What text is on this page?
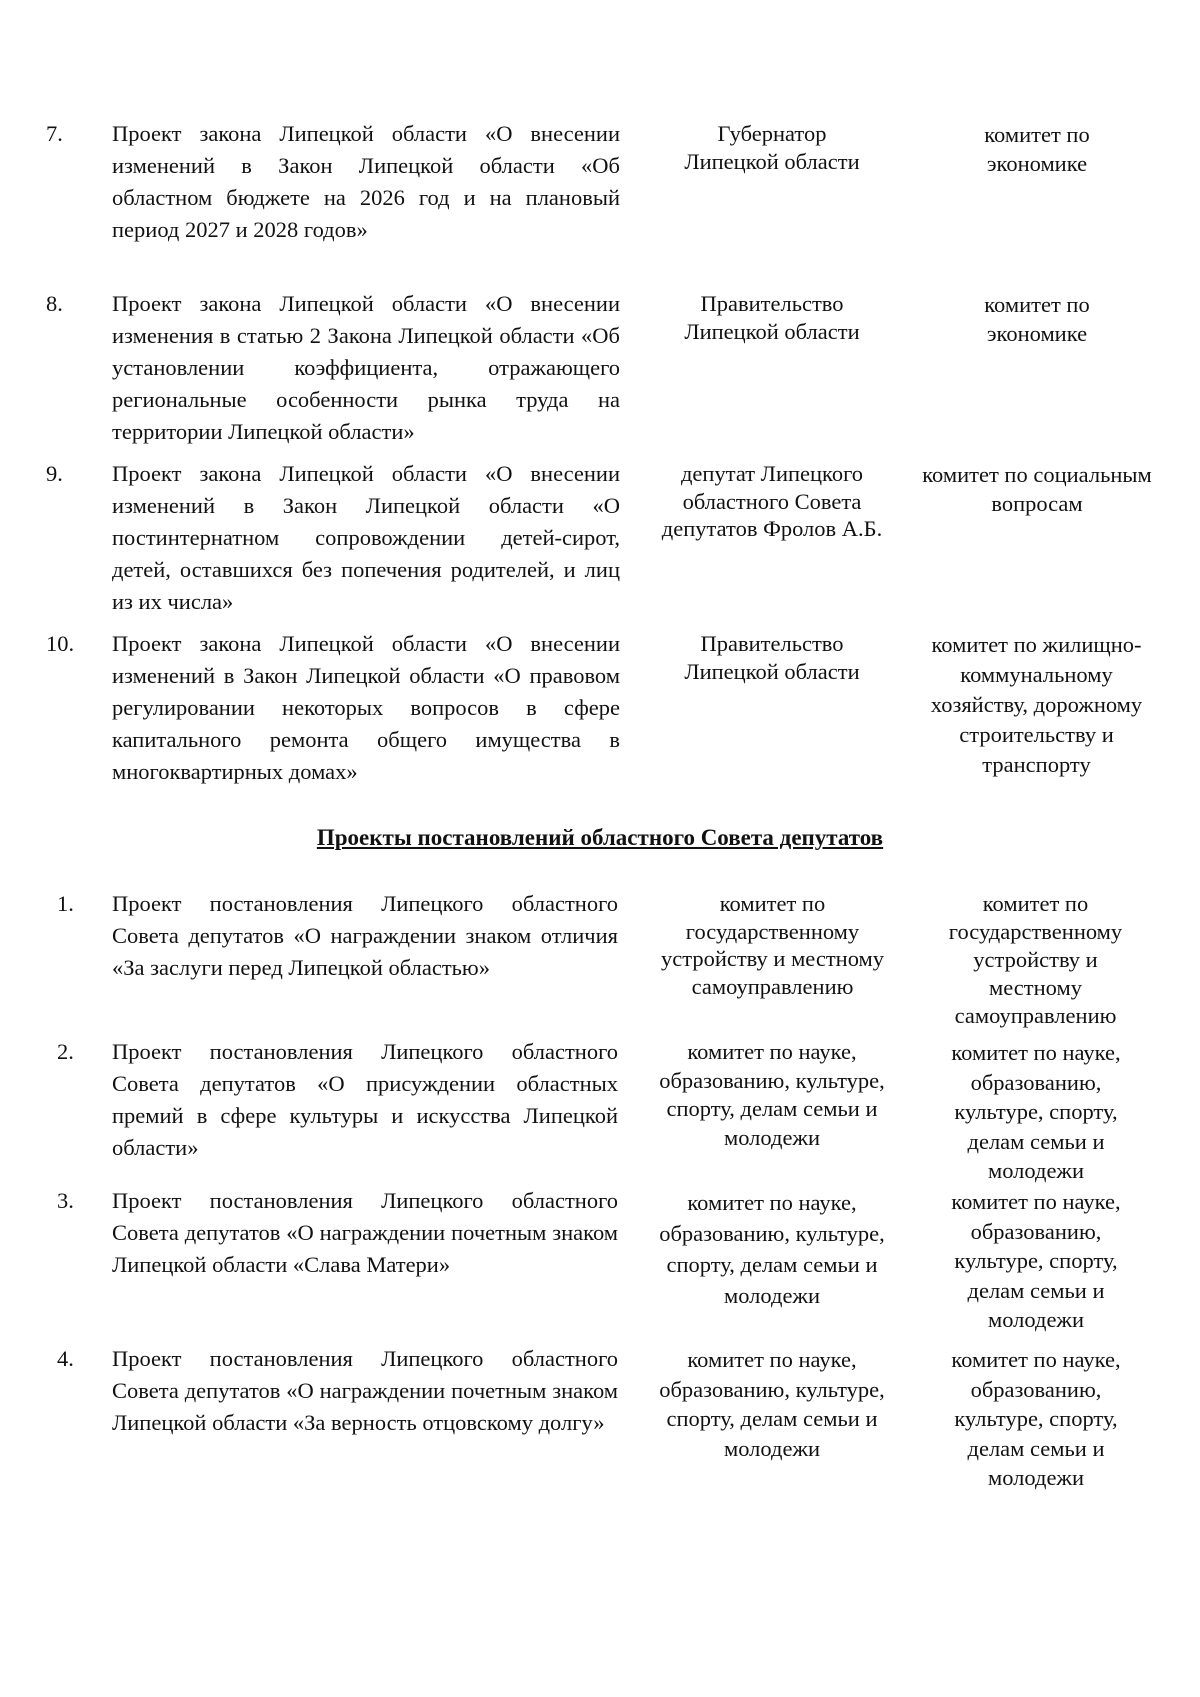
7. Проект закона Липецкой области «О внесении изменений в Закон Липецкой области «Об областном бюджете на 2026 год и на плановый период 2027 и 2028 годов»
Губернатор Липецкой области
комитет по экономике
8. Проект закона Липецкой области «О внесении изменения в статью 2 Закона Липецкой области «Об установлении коэффициента, отражающего региональные особенности рынка труда на территории Липецкой области»
Правительство Липецкой области
комитет по экономике
9. Проект закона Липецкой области «О внесении изменений в Закон Липецкой области «О постинтернатном сопровождении детей-сирот, детей, оставшихся без попечения родителей, и лиц из их числа»
депутат Липецкого областного Совета депутатов Фролов А.Б.
комитет по социальным вопросам
10. Проект закона Липецкой области «О внесении изменений в Закон Липецкой области «О правовом регулировании некоторых вопросов в сфере капитального ремонта общего имущества в многоквартирных домах»
Правительство Липецкой области
комитет по жилищно-коммунальному хозяйству, дорожному строительству и транспорту
Проекты постановлений областного Совета депутатов
1. Проект постановления Липецкого областного Совета депутатов «О награждении знаком отличия «За заслуги перед Липецкой областью»
комитет по государственному устройству и местному самоуправлению
комитет по государственному устройству и местному самоуправлению
2. Проект постановления Липецкого областного Совета депутатов «О присуждении областных премий в сфере культуры и искусства Липецкой области»
комитет по науке, образованию, культуре, спорту, делам семьи и молодежи
комитет по науке, образованию, культуре, спорту, делам семьи и молодежи
3. Проект постановления Липецкого областного Совета депутатов «О награждении почетным знаком Липецкой области «Слава Матери»
комитет по науке, образованию, культуре, спорту, делам семьи и молодежи
комитет по науке, образованию, культуре, спорту, делам семьи и молодежи
4. Проект постановления Липецкого областного Совета депутатов «О награждении почетным знаком Липецкой области «За верность отцовскому долгу»
комитет по науке, образованию, культуре, спорту, делам семьи и молодежи
комитет по науке, образованию, культуре, спорту, делам семьи и молодежи
